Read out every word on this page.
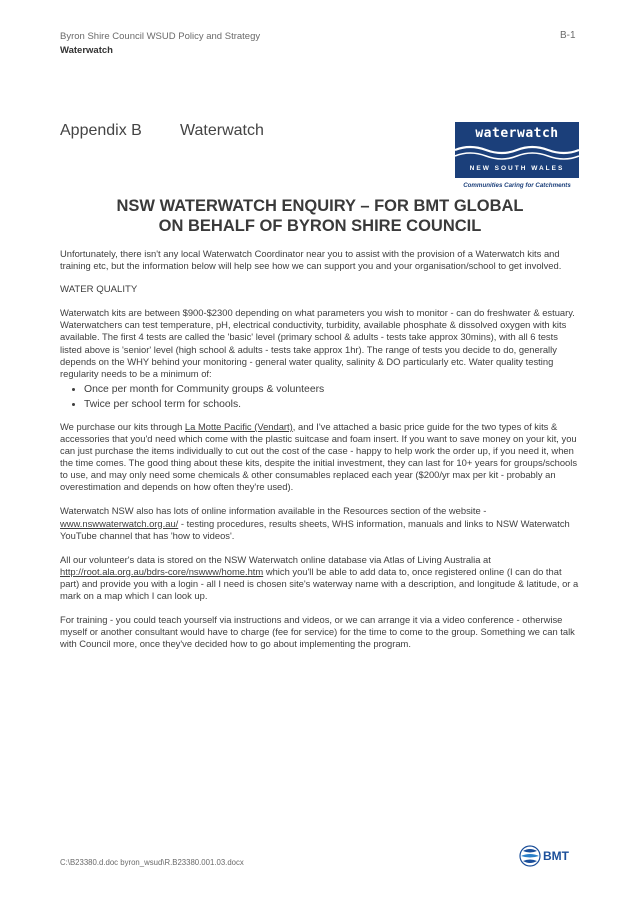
Byron Shire Council WSUD Policy and Strategy
Waterwatch
B-1
Appendix B Waterwatch	waterwatch
NEW SOUTH WALES
Communities Caring for Catchments
NSW WATERWATCH ENQUIRY – FOR BMT GLOBAL
ON BEHALF OF BYRON SHIRE COUNCIL

Unfortunately, there isn't any local Waterwatch Coordinator near you to assist with the provision of a Waterwatch kits and training etc, but the information below will help see how we can support you and your organisation/school to get involved.

WATER QUALITY

Waterwatch kits are between $900-$2300 depending on what parameters you wish to monitor - can do freshwater & estuary. Waterwatchers can test temperature, pH, electrical conductivity, turbidity, available phosphate & dissolved oxygen with kits available. The first 4 tests are called the 'basic' level (primary school & adults - tests take approx 30mins), with all 6 tests listed above is 'senior' level (high school & adults - tests take approx 1hr). The range of tests you decide to do, generally depends on the WHY behind your monitoring - general water quality, salinity & DO particularly etc. Water quality testing regularity needs to be a minimum of:

• Once per month for Community groups & volunteers
• Twice per school term for schools.

We purchase our kits through La Motte Pacific (Vendart), and I've attached a basic price guide for the two types of kits & accessories that you'd need which come with the plastic suitcase and foam insert. If you want to save money on your kit, you can just purchase the items individually to cut out the cost of the case - happy to help work the order up, if you need it, when the time comes. The good thing about these kits, despite the initial investment, they can last for 10+ years for groups/schools to use, and may only need some chemicals & other consumables replaced each year ($200/yr max per kit - probably an overestimation and depends on how often they're used).

Waterwatch NSW also has lots of online information available in the Resources section of the website - www.nswwaterwatch.org.au/ - testing procedures, results sheets, WHS information, manuals and links to NSW Waterwatch YouTube channel that has 'how to videos'.

All our volunteer's data is stored on the NSW Waterwatch online database via Atlas of Living Australia at http://root.ala.org.au/bdrs-core/nswww/home.htm which you'll be able to add data to, once registered online (I can do that part) and provide you with a login - all I need is chosen site's waterway name with a description, and longitude & latitude, or a mark on a map which I can look up.

For training - you could teach yourself via instructions and videos, or we can arrange it via a video conference - otherwise myself or another consultant would have to charge (fee for service) for the time to come to the group. Something we can talk with Council more, once they've decided how to go about implementing the program.

C:\B23380.d.doc byron_wsud\R.B23380.001.03.docx	BMT
